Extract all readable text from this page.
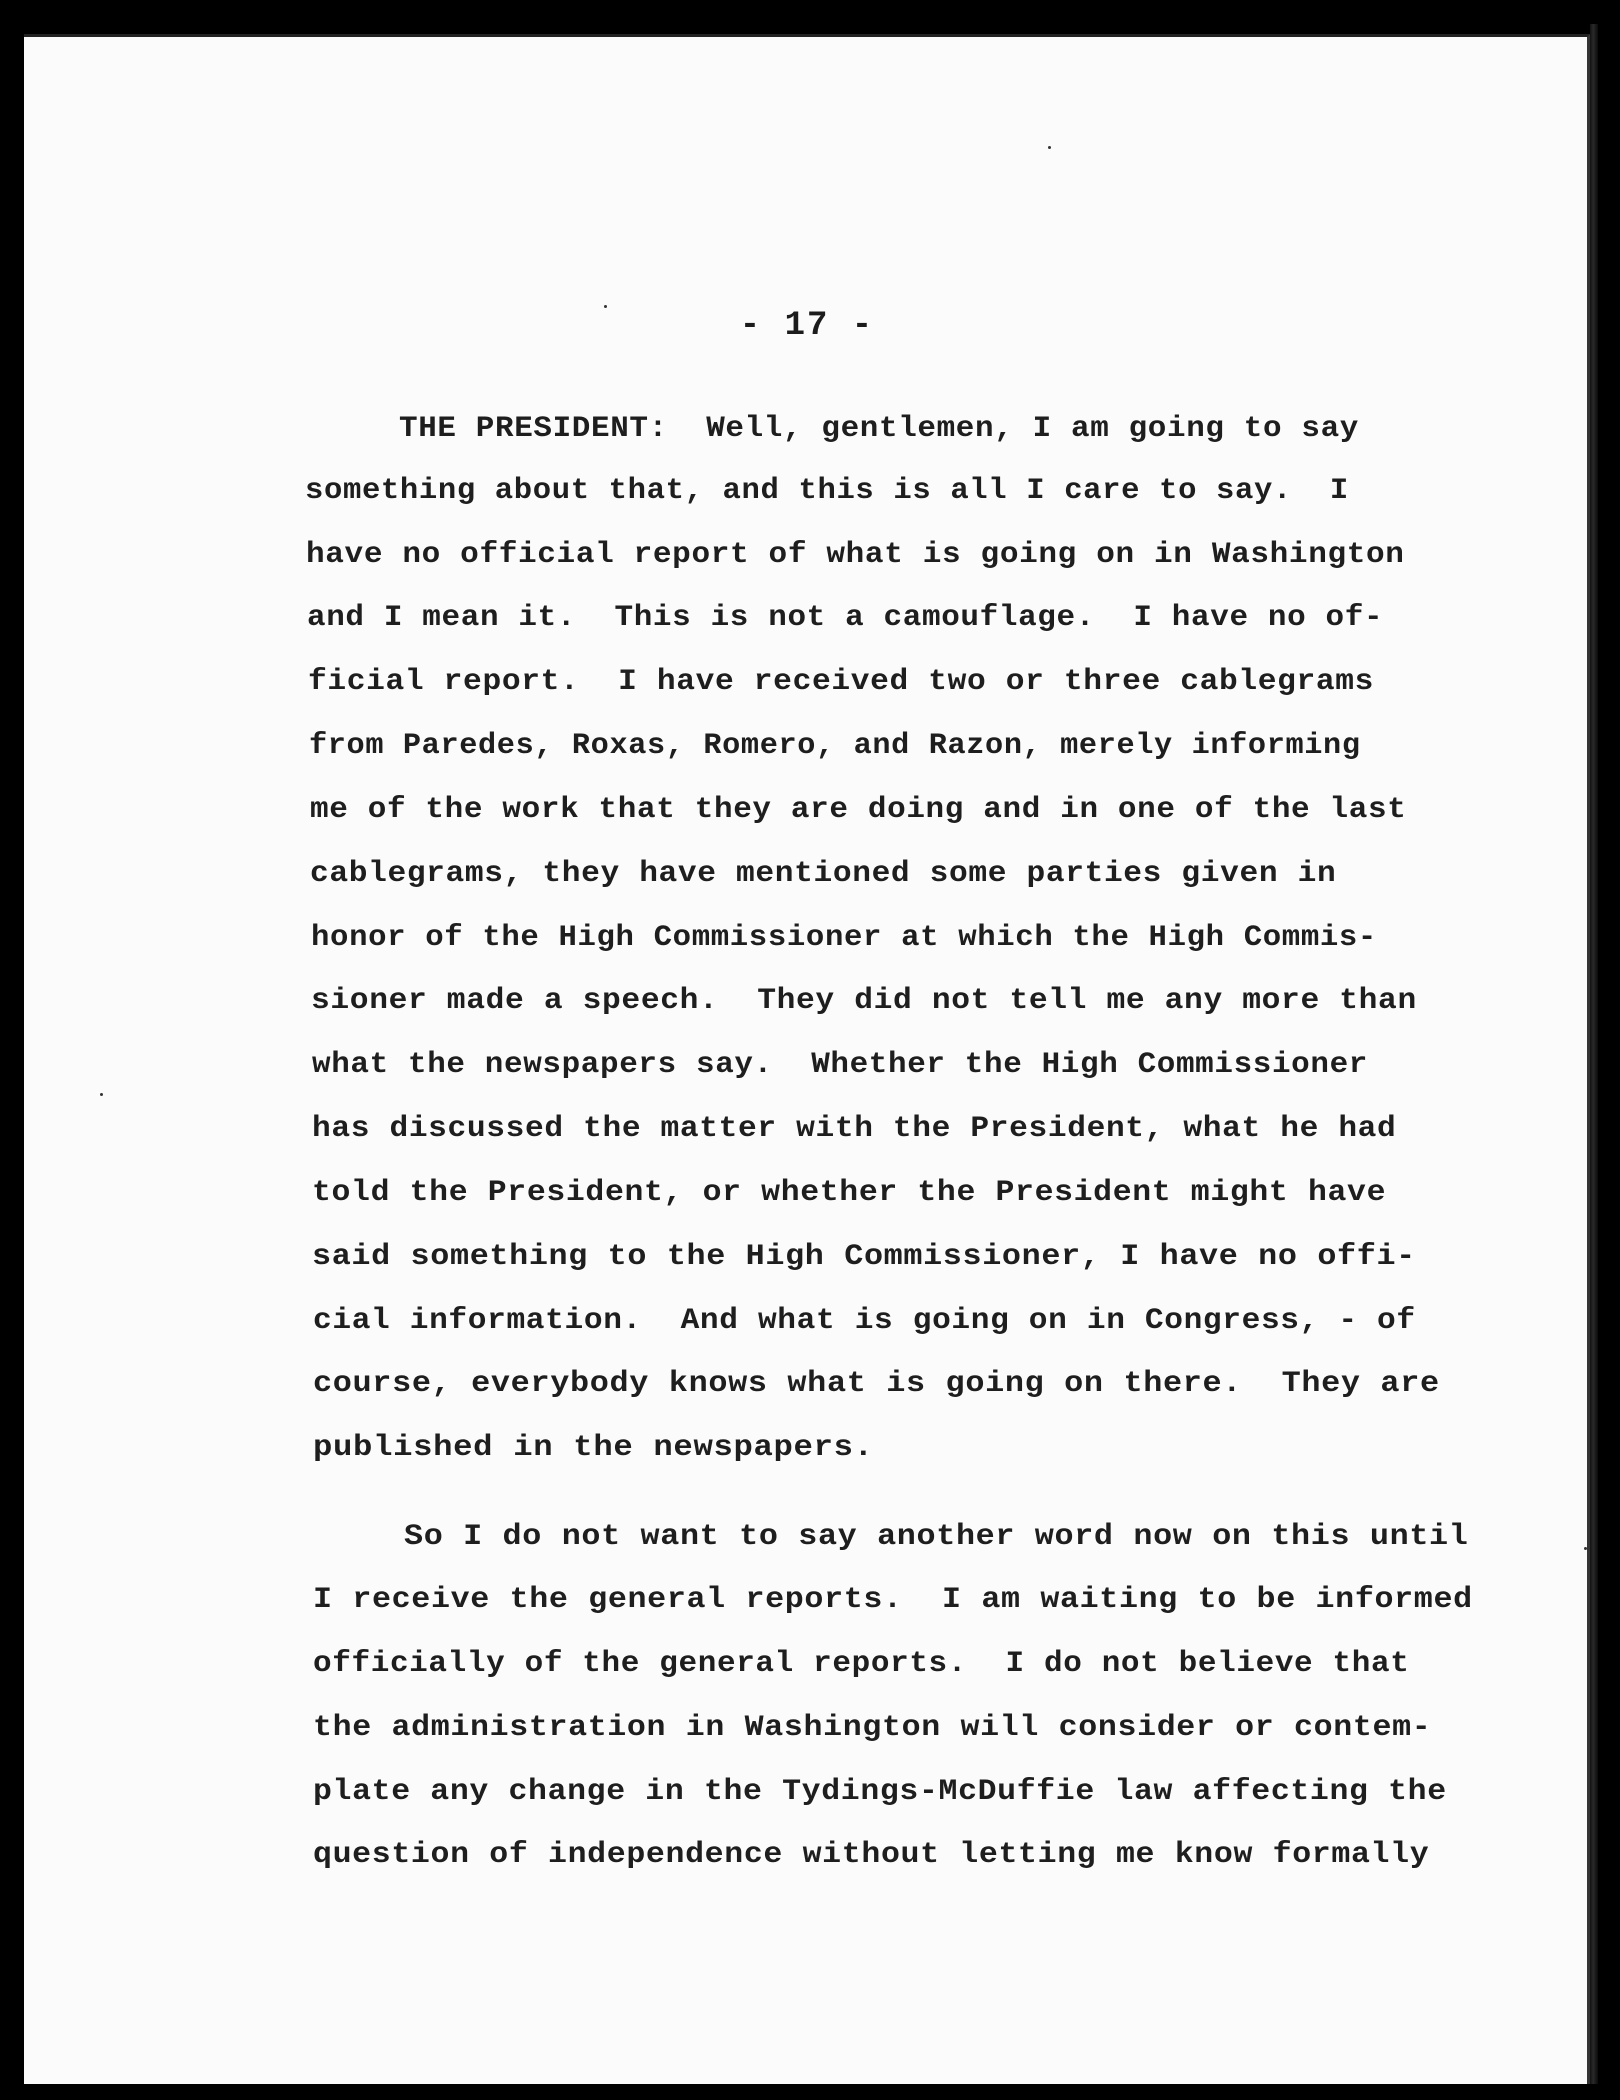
- 17 -
THE PRESIDENT:  Well, gentlemen, I am going to say
something about that, and this is all I care to say.  I
have no official report of what is going on in Washington
and I mean it.  This is not a camouflage.  I have no of-
ficial report.  I have received two or three cablegrams
from Paredes, Roxas, Romero, and Razon, merely informing
me of the work that they are doing and in one of the last
cablegrams, they have mentioned some parties given in
honor of the High Commissioner at which the High Commis-
sioner made a speech.  They did not tell me any more than
what the newspapers say.  Whether the High Commissioner
has discussed the matter with the President, what he had
told the President, or whether the President might have
said something to the High Commissioner, I have no offi-
cial information.  And what is going on in Congress, - of
course, everybody knows what is going on there.  They are
published in the newspapers.
So I do not want to say another word now on this until
I receive the general reports.  I am waiting to be informed
officially of the general reports.  I do not believe that
the administration in Washington will consider or contem-
plate any change in the Tydings-McDuffie law affecting the
question of independence without letting me know formally
